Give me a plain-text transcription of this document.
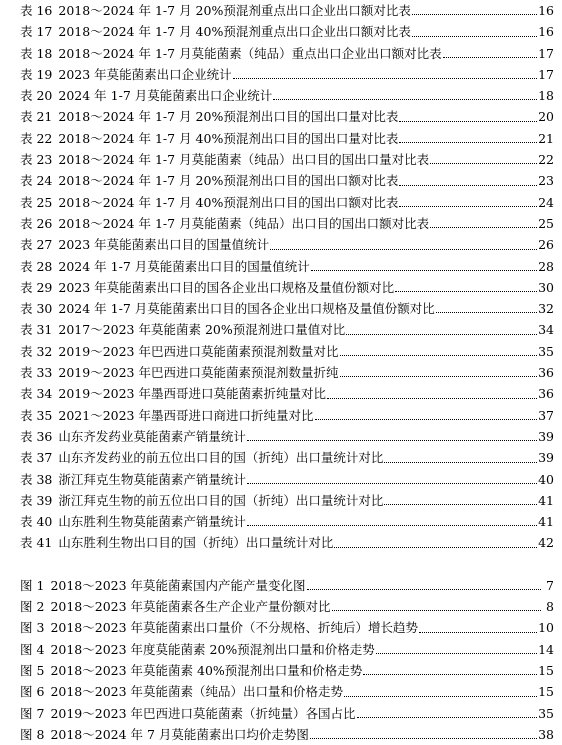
表 16 2018～2024 年 1-7 月 20%预混剂重点出口企业出口额对比表	16
表 17 2018～2024 年 1-7 月 40%预混剂重点出口企业出口额对比表	16
表 18 2018～2024 年 1-7 月莫能菌素（纯品）重点出口企业出口额对比表	17
表 19 2023 年莫能菌素出口企业统计	17
表 20 2024 年 1-7 月莫能菌素出口企业统计	18
表 21 2018～2024 年 1-7 月 20%预混剂出口目的国出口量对比表	20
表 22 2018～2024 年 1-7 月 40%预混剂出口目的国出口量对比表	21
表 23 2018～2024 年 1-7 月莫能菌素（纯品）出口目的国出口量对比表	22
表 24 2018～2024 年 1-7 月 20%预混剂出口目的国出口额对比表	23
表 25 2018～2024 年 1-7 月 40%预混剂出口目的国出口额对比表	24
表 26 2018～2024 年 1-7 月莫能菌素（纯品）出口目的国出口额对比表	25
表 27 2023 年莫能菌素出口目的国量值统计	26
表 28 2024 年 1-7 月莫能菌素出口目的国量值统计	28
表 29 2023 年莫能菌素出口目的国各企业出口规格及量值份额对比	30
表 30 2024 年 1-7 月莫能菌素出口目的国各企业出口规格及量值份额对比	32
表 31 2017～2023 年莫能菌素 20%预混剂进口量值对比	34
表 32 2019～2023 年巴西进口莫能菌素预混剂数量对比	35
表 33 2019～2023 年巴西进口莫能菌素预混剂数量折纯	36
表 34 2019～2023 年墨西哥进口莫能菌素折纯量对比	36
表 35 2021～2023 年墨西哥进口商进口折纯量对比	37
表 36 山东齐发药业莫能菌素产销量统计	39
表 37 山东齐发药业的前五位出口目的国（折纯）出口量统计对比	39
表 38 浙江拜克生物莫能菌素产销量统计	40
表 39 浙江拜克生物的前五位出口目的国（折纯）出口量统计对比	41
表 40 山东胜利生物莫能菌素产销量统计	41
表 41 山东胜利生物出口目的国（折纯）出口量统计对比	42
图 1 2018～2023 年莫能菌素国内产能产量变化图	7
图 2 2018～2023 年莫能菌素各生产企业产量份额对比	8
图 3 2018～2023 年莫能菌素出口量价（不分规格、折纯后）增长趋势	10
图 4 2018～2023 年度莫能菌素 20%预混剂出口量和价格走势	14
图 5 2018～2023 年莫能菌素 40%预混剂出口量和价格走势	15
图 6 2018～2023 年莫能菌素（纯品）出口量和价格走势	15
图 7 2019～2023 年巴西进口莫能菌素（折纯量）各国占比	35
图 8 2018～2024 年 7 月莫能菌素出口均价走势图	38
